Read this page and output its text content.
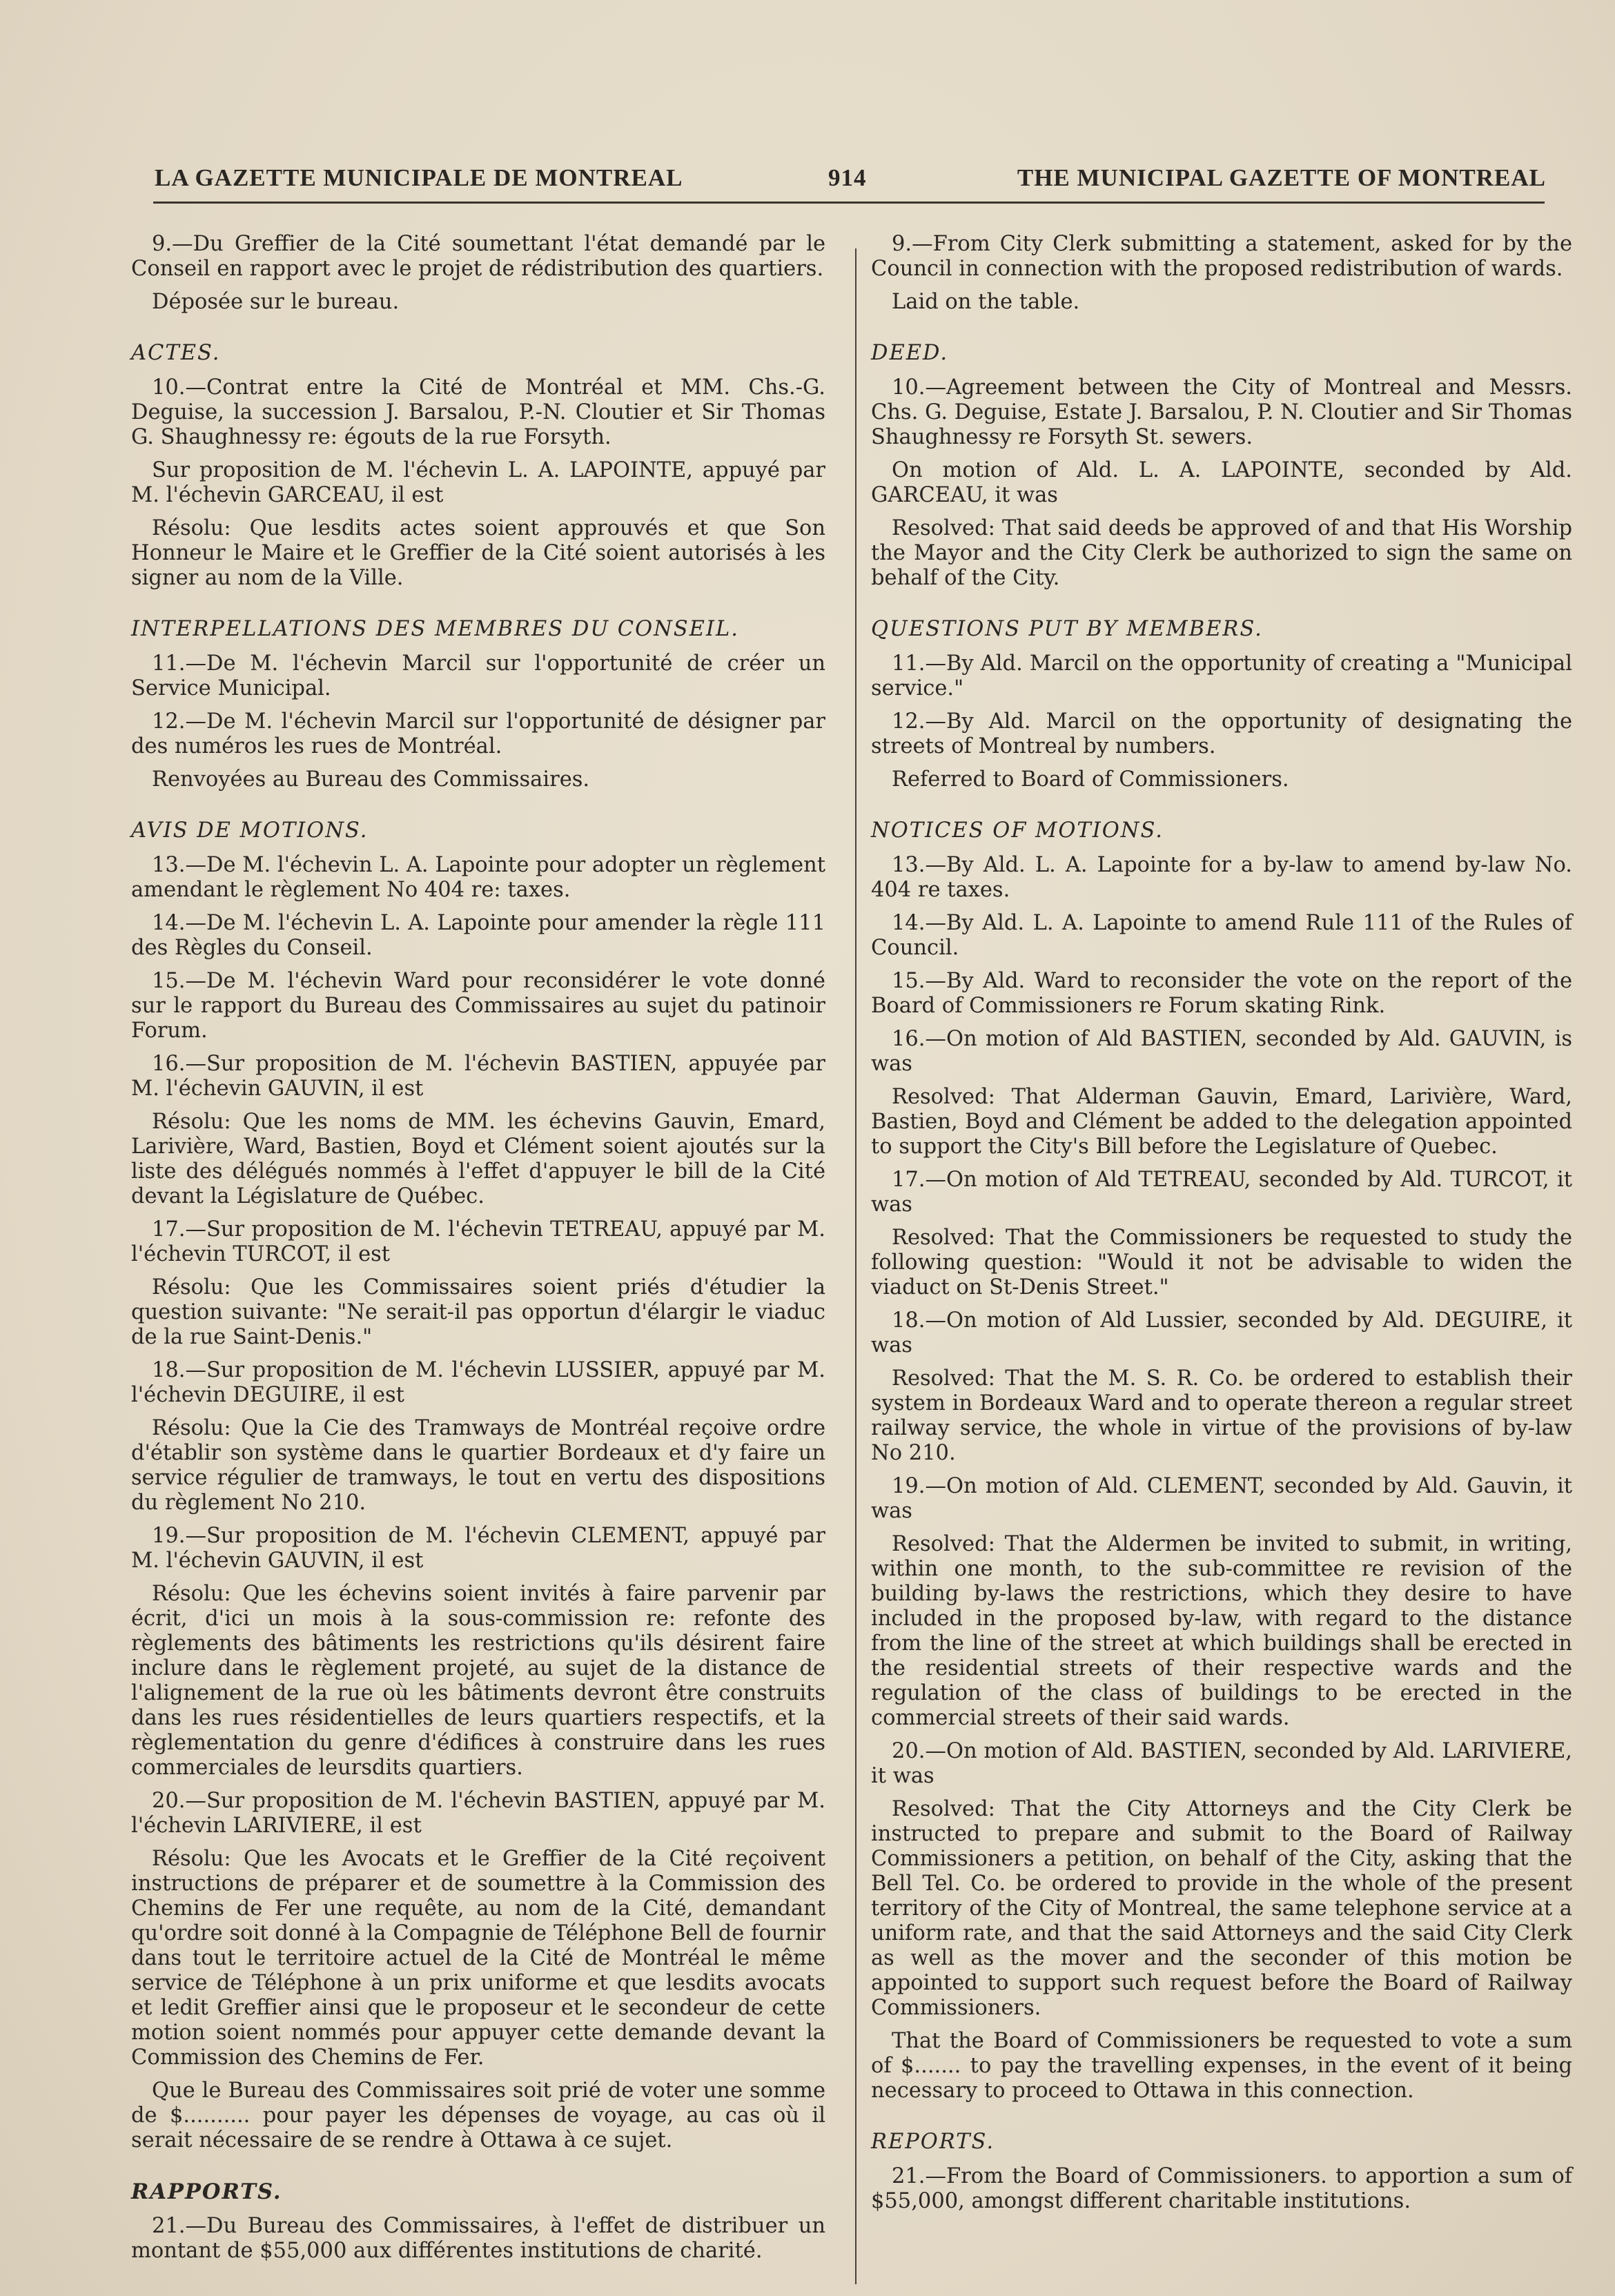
LA GAZETTE MUNICIPALE DE MONTREAL	914	THE MUNICIPAL GAZETTE OF MONTREAL

9.—Du Greffier de la Cité soumettant l'état demandé par le Conseil en rapport avec le projet de rédistribution des quartiers.

Déposée sur le bureau.

ACTES.

10.—Contrat entre la Cité de Montréal et MM. Chs.-G. Deguise, la succession J. Barsalou, P.-N. Cloutier et Sir Thomas G. Shaughnessy re: égouts de la rue Forsyth.

Sur proposition de M. l'échevin L. A. LAPOINTE, appuyé par M. l'échevin GARCEAU, il est

Résolu: Que lesdits actes soient approuvés et que Son Honneur le Maire et le Greffier de la Cité soient autorisés à les signer au nom de la Ville.

INTERPELLATIONS DES MEMBRES DU CONSEIL.

11.—De M. l'échevin Marcil sur l'opportunité de créer un Service Municipal.

12.—De M. l'échevin Marcil sur l'opportunité de désigner par des numéros les rues de Montréal.

Renvoyées au Bureau des Commissaires.

AVIS DE MOTIONS.

13.—De M. l'échevin L. A. Lapointe pour adopter un règlement amendant le règlement No 404 re: taxes.

14.—De M. l'échevin L. A. Lapointe pour amender la règle 111 des Règles du Conseil.

15.—De M. l'échevin Ward pour reconsidérer le vote donné sur le rapport du Bureau des Commissaires au sujet du patinoir Forum.

16.—Sur proposition de M. l'échevin BASTIEN, appuyée par M. l'échevin GAUVIN, il est

Résolu: Que les noms de MM. les échevins Gauvin, Emard, Larivière, Ward, Bastien, Boyd et Clément soient ajoutés sur la liste des délégués nommés à l'effet d'appuyer le bill de la Cité devant la Législature de Québec.

17.—Sur proposition de M. l'échevin TETREAU, appuyé par M. l'échevin TURCOT, il est

Résolu: Que les Commissaires soient priés d'étudier la question suivante: "Ne serait-il pas opportun d'élargir le viaduc de la rue Saint-Denis."

18.—Sur proposition de M. l'échevin LUSSIER, appuyé par M. l'échevin DEGUIRE, il est

Résolu: Que la Cie des Tramways de Montréal reçoive ordre d'établir son système dans le quartier Bordeaux et d'y faire un service régulier de tramways, le tout en vertu des dispositions du règlement No 210.

19.—Sur proposition de M. l'échevin CLEMENT, appuyé par M. l'échevin GAUVIN, il est

Résolu: Que les échevins soient invités à faire parvenir par écrit, d'ici un mois à la sous-commission re: refonte des règlements des bâtiments les restrictions qu'ils désirent faire inclure dans le règlement projeté, au sujet de la distance de l'alignement de la rue où les bâtiments devront être construits dans les rues résidentielles de leurs quartiers respectifs, et la règlementation du genre d'édifices à construire dans les rues commerciales de leursdits quartiers.

20.—Sur proposition de M. l'échevin BASTIEN, appuyé par M. l'échevin LARIVIERE, il est

Résolu: Que les Avocats et le Greffier de la Cité reçoivent instructions de préparer et de soumettre à la Commission des Chemins de Fer une requête, au nom de la Cité, demandant qu'ordre soit donné à la Compagnie de Téléphone Bell de fournir dans tout le territoire actuel de la Cité de Montréal le même service de Téléphone à un prix uniforme et que lesdits avocats et ledit Greffier ainsi que le proposeur et le secondeur de cette motion soient nommés pour appuyer cette demande devant la Commission des Chemins de Fer.

Que le Bureau des Commissaires soit prié de voter une somme de $.......... pour payer les dépenses de voyage, au cas où il serait nécessaire de se rendre à Ottawa à ce sujet.

RAPPORTS.

21.—Du Bureau des Commissaires, à l'effet de distribuer un montant de $55,000 aux différentes institutions de charité.

9.—From City Clerk submitting a statement, asked for by the Council in connection with the proposed redistribution of wards.

Laid on the table.

DEED.

10.—Agreement between the City of Montreal and Messrs. Chs. G. Deguise, Estate J. Barsalou, P. N. Cloutier and Sir Thomas Shaughnessy re Forsyth St. sewers.

On motion of Ald. L. A. LAPOINTE, seconded by Ald. GARCEAU, it was

Resolved: That said deeds be approved of and that His Worship the Mayor and the City Clerk be authorized to sign the same on behalf of the City.

QUESTIONS PUT BY MEMBERS.

11.—By Ald. Marcil on the opportunity of creating a "Municipal service."

12.—By Ald. Marcil on the opportunity of designating the streets of Montreal by numbers.

Referred to Board of Commissioners.

NOTICES OF MOTIONS.

13.—By Ald. L. A. Lapointe for a by-law to amend by-law No. 404 re taxes.

14.—By Ald. L. A. Lapointe to amend Rule 111 of the Rules of Council.

15.—By Ald. Ward to reconsider the vote on the report of the Board of Commissioners re Forum skating Rink.

16.—On motion of Ald BASTIEN, seconded by Ald. GAUVIN, is was

Resolved: That Alderman Gauvin, Emard, Larivière, Ward, Bastien, Boyd and Clément be added to the delegation appointed to support the City's Bill before the Legislature of Quebec.

17.—On motion of Ald TETREAU, seconded by Ald. TURCOT, it was

Resolved: That the Commissioners be requested to study the following question: "Would it not be advisable to widen the viaduct on St-Denis Street."

18.—On motion of Ald Lussier, seconded by Ald. DEGUIRE, it was

Resolved: That the M. S. R. Co. be ordered to establish their system in Bordeaux Ward and to operate thereon a regular street railway service, the whole in virtue of the provisions of by-law No 210.

19.—On motion of Ald. CLEMENT, seconded by Ald. Gauvin, it was

Resolved: That the Aldermen be invited to submit, in writing, within one month, to the sub-committee re revision of the building by-laws the restrictions, which they desire to have included in the proposed by-law, with regard to the distance from the line of the street at which buildings shall be erected in the residential streets of their respective wards and the regulation of the class of buildings to be erected in the commercial streets of their said wards.

20.—On motion of Ald. BASTIEN, seconded by Ald. LARIVIERE, it was

Resolved: That the City Attorneys and the City Clerk be instructed to prepare and submit to the Board of Railway Commissioners a petition, on behalf of the City, asking that the Bell Tel. Co. be ordered to provide in the whole of the present territory of the City of Montreal, the same telephone service at a uniform rate, and that the said Attorneys and the said City Clerk as well as the mover and the seconder of this motion be appointed to support such request before the Board of Railway Commissioners.

That the Board of Commissioners be requested to vote a sum of $....... to pay the travelling expenses, in the event of it being necessary to proceed to Ottawa in this connection.

REPORTS.

21.—From the Board of Commissioners. to apportion a sum of $55,000, amongst different charitable institutions.
